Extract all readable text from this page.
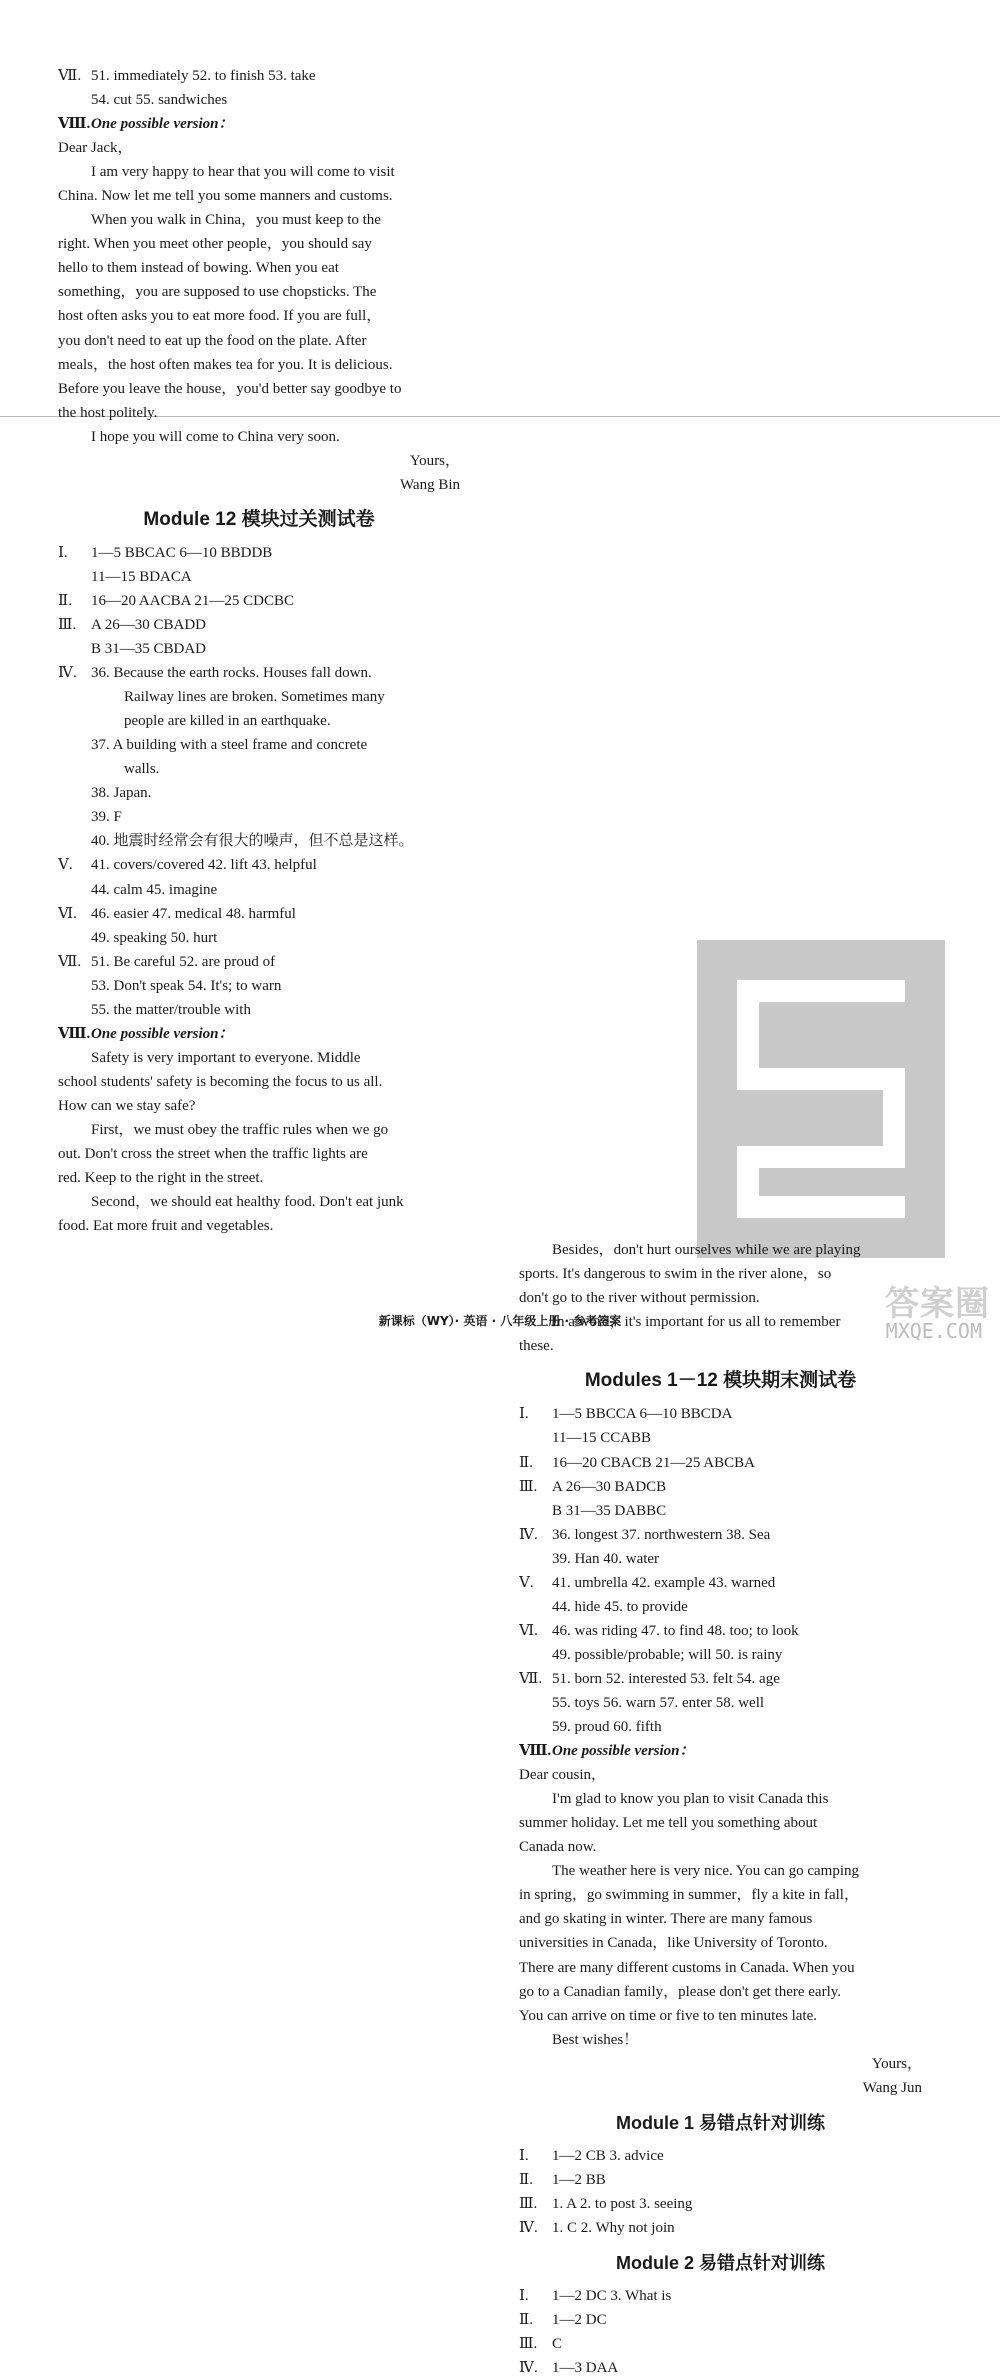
Ⅶ. 51. immediately 52. to finish 53. take
54. cut 55. sandwiches
Ⅷ.One possible version：
Dear Jack，
I am very happy to hear that you will come to visit
China. Now let me tell you some manners and customs.
When you walk in China，you must keep to the
right. When you meet other people，you should say
hello to them instead of bowing. When you eat
something，you are supposed to use chopsticks. The
host often asks you to eat more food. If you are full，
you don't need to eat up the food on the plate. After
meals，the host often makes tea for you. It is delicious.
Before you leave the house，you'd better say goodbye to
the host politely.
I hope you will come to China very soon.
Yours，
Wang Bin
Module 12 模块过关测试卷
Ⅰ. 1—5 BBCAC 6—10 BBDDB
11—15 BDACA
Ⅱ. 16—20 AACBA 21—25 CDCBC
Ⅲ. A 26—30 CBADD
B 31—35 CBDAD
Ⅳ. 36. Because the earth rocks. Houses fall down.
Railway lines are broken. Sometimes many
people are killed in an earthquake.
37. A building with a steel frame and concrete
walls.
38. Japan.
39. F
40. 地震时经常会有很大的噪声，但不总是这样。
Ⅴ. 41. covers/covered 42. lift 43. helpful
44. calm 45. imagine
Ⅵ. 46. easier 47. medical 48. harmful
49. speaking 50. hurt
Ⅶ. 51. Be careful 52. are proud of
53. Don't speak 54. It's; to warn
55. the matter/trouble with
Ⅷ.One possible version：
Safety is very important to everyone. Middle
school students' safety is becoming the focus to us all.
How can we stay safe?
First，we must obey the traffic rules when we go
out. Don't cross the street when the traffic lights are
red. Keep to the right in the street.
Second，we should eat healthy food. Don't eat junk
food. Eat more fruit and vegetables.
Besides，don't hurt ourselves while we are playing
sports. It's dangerous to swim in the river alone，so
don't go to the river without permission.
In a word，it's important for us all to remember
these.
Modules 1－12 模块期末测试卷
Ⅰ. 1—5 BBCCA 6—10 BBCDA
11—15 CCABB
Ⅱ. 16—20 CBACB 21—25 ABCBA
Ⅲ. A 26—30 BADCB
B 31—35 DABBC
Ⅳ. 36. longest 37. northwestern 38. Sea
39. Han 40. water
Ⅴ. 41. umbrella 42. example 43. warned
44. hide 45. to provide
Ⅵ. 46. was riding 47. to find 48. too; to look
49. possible/probable; will 50. is rainy
Ⅶ. 51. born 52. interested 53. felt 54. age
55. toys 56. warn 57. enter 58. well
59. proud 60. fifth
Ⅷ.One possible version：
Dear cousin，
I'm glad to know you plan to visit Canada this
summer holiday. Let me tell you something about
Canada now.
The weather here is very nice. You can go camping
in spring，go swimming in summer，fly a kite in fall，
and go skating in winter. There are many famous
universities in Canada，like University of Toronto.
There are many different customs in Canada. When you
go to a Canadian family，please don't get there early.
You can arrive on time or five to ten minutes late.
Best wishes！
Yours，
Wang Jun
Module 1 易错点针对训练
Ⅰ. 1—2 CB 3. advice
Ⅱ. 1—2 BB
Ⅲ. 1. A 2. to post 3. seeing
Ⅳ. 1. C 2. Why not join
Module 2 易错点针对训练
Ⅰ. 1—2 DC 3. What is
Ⅱ. 1—2 DC
Ⅲ. C
Ⅳ. 1—3 DAA
新课标（WY）· 英语 · 八年级上册 · 参考答案	答案圈
MXQE.COM
